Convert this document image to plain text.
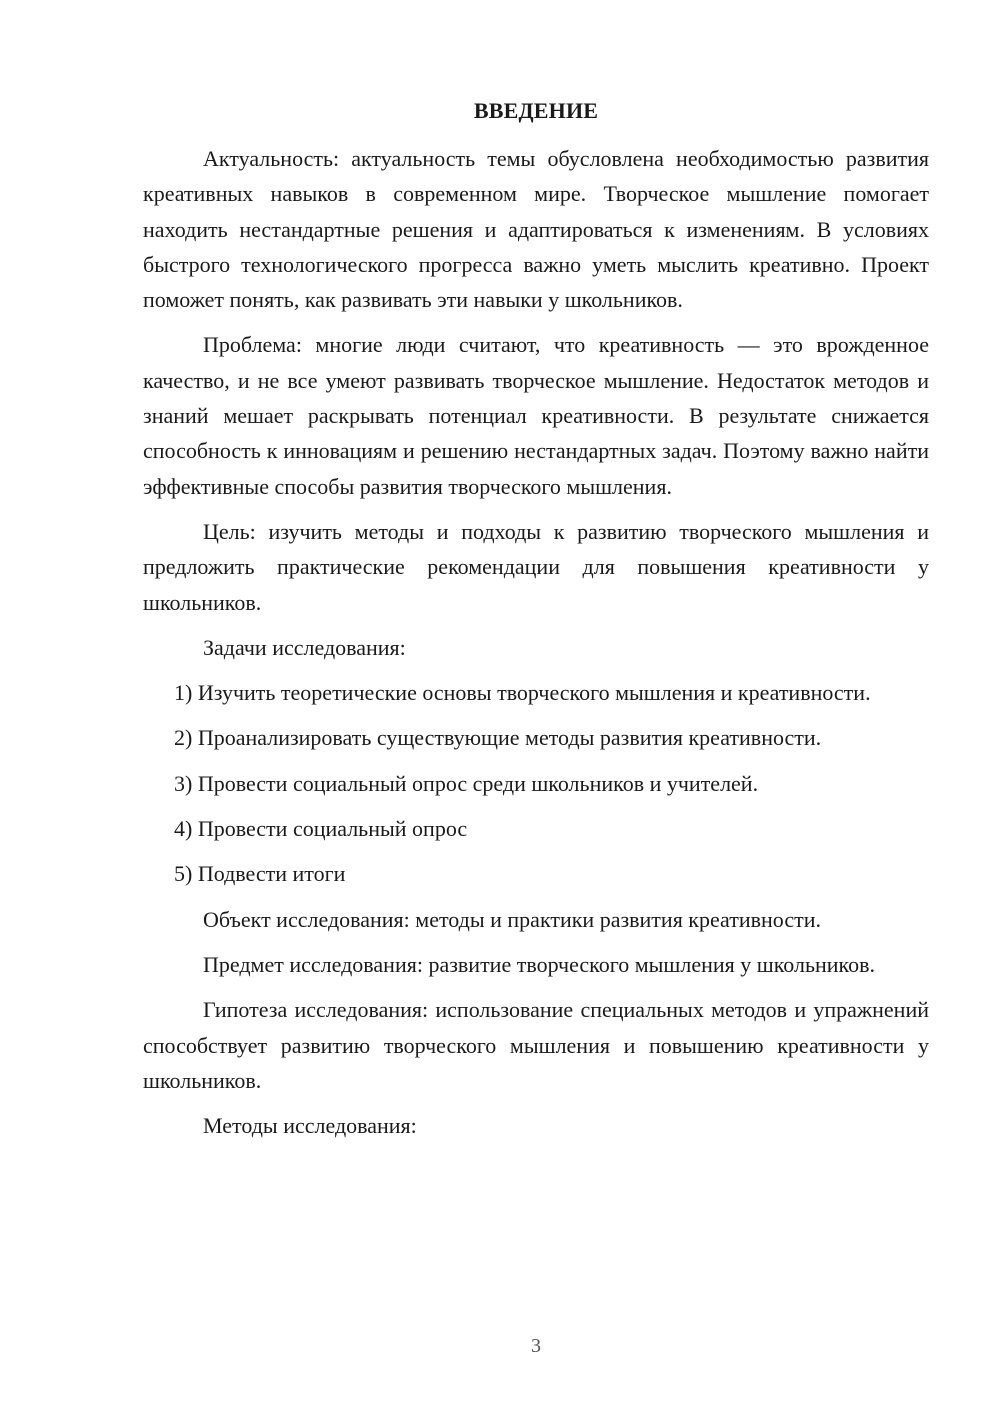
ВВЕДЕНИЕ

Актуальность: актуальность темы обусловлена необходимостью развития креативных навыков в современном мире. Творческое мышление помогает находить нестандартные решения и адаптироваться к изменениям. В условиях быстрого технологического прогресса важно уметь мыслить креативно. Проект поможет понять, как развивать эти навыки у школьников.

Проблема: многие люди считают, что креативность — это врожденное качество, и не все умеют развивать творческое мышление. Недостаток методов и знаний мешает раскрывать потенциал креативности. В результате снижается способность к инновациям и решению нестандартных задач. Поэтому важно найти эффективные способы развития творческого мышления.

Цель: изучить методы и подходы к развитию творческого мышления и предложить практические рекомендации для повышения креативности у школьников.

Задачи исследования:

1) Изучить теоретические основы творческого мышления и креативности.

2) Проанализировать существующие методы развития креативности.

3) Провести социальный опрос среди школьников и учителей.

4) Провести социальный опрос

5) Подвести итоги

Объект исследования: методы и практики развития креативности.

Предмет исследования: развитие творческого мышления у школьников.

Гипотеза исследования: использование специальных методов и упражнений способствует развитию творческого мышления и повышению креативности у школьников.

Методы исследования:

3
